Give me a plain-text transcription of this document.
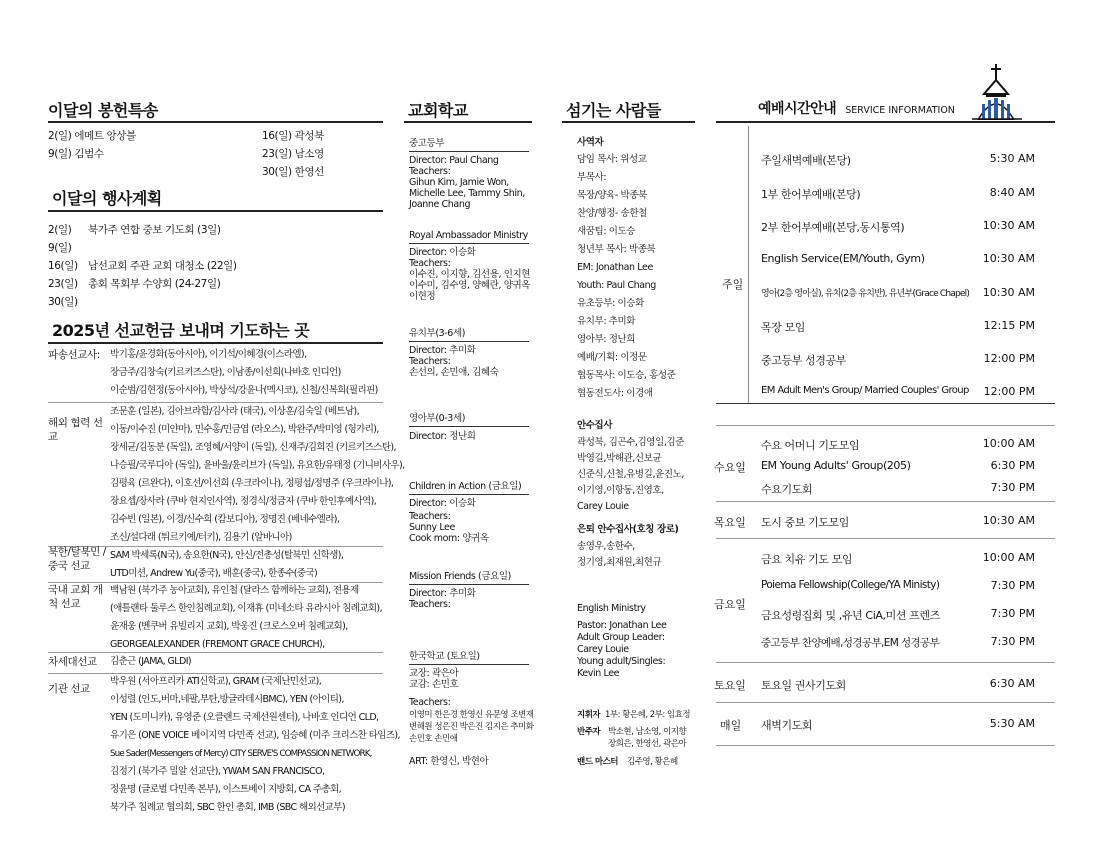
이달의 봉헌특송
2(일) 에메트 앙상블
9(일) 김범수
16(일) 곽성북
23(일) 남소영
30(일) 한영선
이달의 행사계획
2(일) 북가주 연합 중보 기도회 (3일)
9(일)
16(일) 남선교회 주관 교회 대청소 (22일)
23(일) 총회 목회부 수양회 (24-27일)
30(일)
2025년 선교헌금 보내며 기도하는 곳
파송선교사:	박기홍/윤경화(동아시아), 이기석/이혜경(이스라엘),
장금주/김창숙(키르키즈스탄), 이남종/이선희(나바호 인디언)
이순범/김현정(동아시아), 박상석/강윤나(멕시코), 신철/신복희(필리핀)
해외 협력 선교
조문훈 (일본), 김아브라함/김사라 (태국), 이상훈/김숙일 (베트남),
이동/이수진 (미얀마), 민수홍/민금엽 (라오스), 박완주/박미영 (헝가리),
장세균/김동분 (독일), 조영혜/서양이 (독일), 신재주/김희진 (키르키즈스탄),
나승필/국루디아 (독일), 윤바울/윤리브가 (독일), 유요한/유태정 (기니비사우),
김평육 (르완다), 이호선/이선희 (우크라이나), 정평섭/정명주 (우크라이나),
장요셉/장사라 (쿠바 현지인사역), 정경식/정금자 (쿠바 한인후예사역),
김수빈 (일본), 이경/신수희 (캄보디아), 정명진 (베네수엘라),
조신/설다래 (튀르키예/터키), 김용기 (알바니아)
북한/탈북민 /중국 선교
SAM 박세록(N국), 송요한(N국), 안신/전총성(탈북민 신학생),
UTD미션, Andrew Yu(중국), 배훈(중국), 한종수(중국)
국내 교회 개척 선교
백남원 (북가주 농아교회), 유인철 (달라스 함께하는 교회), 전용제
(애틀랜타 둘루스 한인침례교회), 이재휴 (미네소타 유라시아 침례교회),
윤재웅 (벤쿠버 유빌리지 교회), 박웅진 (크로스오버 침례교회),
GEORGEALEXANDER (FREMONT GRACE CHURCH),
차세대선교	김춘근 (JAMA, GLDI)
기관 선교
박우원 (서아프리카 ATI신학교), GRAM (국제난민선교),
이성렬 (인도,버마,네팔,부탄,방글라데시BMC), YEN (아이티),
YEN (도미니카), 유영준 (오클랜드 국제선원센터), 나바호 인디언 CLD,
유기은 (ONE VOICE 베이지역 다민족 선교), 임승혜 (미주 크리스찬 타임즈),
Sue Sader(Messengers of Mercy) CITY SERVE'S COMPASSION NETWORK,
김정기 (북가주 밀알 선교단), YWAM SAN FRANCISCO,
정윤명 (글로벌 다민족 본부), 이스트베이 지방회, CA 주총회,
북가주 침례교 협의회, SBC 한인 총회, IMB (SBC 해외선교부)
교회학교
중고등부
Director: Paul Chang
Teachers:
Gihun Kim, Jamie Won,
Michelle Lee, Tammy Shin,
Joanne Chang
Royal Ambassador Ministry
Director: 이승화
Teachers:
이수진, 이지향, 김선용, 인지현
이수미, 김수영, 양혜란, 양귀옥
이현정
유치부(3-6세)
Director: 추미화
Teachers:
손선의, 손민애, 김혜숙
영아부(0-3세)
Director: 정난희
Children in Action (금요일)
Director: 이승화
Teachers:
Sunny Lee
Cook mom: 양귀옥
Mission Friends (금요일)
Director: 추미화
Teachers:
한국학교 (토요일)
교장: 곽은아
교감: 손민호
Teachers:
이영미 한은경 한영신 유문영 조변재
변해원 성은진 박은진 김지은 추미화
손민호 손민애
ART: 한영신, 박현아
섬기는 사람들
사역자
담임 목사: 위성교
부목사:
목장/양육- 박종북
찬양/행정- 송한철
새꿈팀: 이도승
청년부 목사: 박종북
EM: Jonathan Lee
Youth: Paul Chang
유초등부: 이승화
유치부: 추미화
영아부: 정난희
예배/기획: 이정문
협동목사: 이도승, 홍성준
협동전도사: 이경애
안수집사
곽성북, 김곤수,김영일,김준
박영길,박해관,신보균
신준식,신철,유병길,윤진노,
이기영,이항동,진영호,
Carey Louie
은퇴 안수집사(호칭 장로)
송영우,송한수,
정기영,최재원,최현규
English Ministry
Pastor: Jonathan Lee
Adult Group Leader:
Carey Louie
Young adult/Singles:
Kevin Lee
지휘자 1부: 황은혜, 2부: 임효정
반주자 박소현, 남소영, 이지향
장희은, 한영선, 곽은아
밴드 마스터 김주영, 황은혜
예배시간안내 SERVICE INFORMATION
주일
주일새벽예배(본당)	5:30 AM
1부 한어부예배(본당)	8:40 AM
2부 한어부예배(본당,동시통역)	10:30 AM
English Service(EM/Youth, Gym)	10:30 AM
영아(2층 영아실), 유치(2층 유치반), 유년부(Grace Chapel)	10:30 AM
목장 모임	12:15 PM
중고등부 성경공부	12:00 PM
EM Adult Men's Group/ Married Couples' Group	12:00 PM
수요일
수요 어머니 기도모임	10:00 AM
EM Young Adults' Group(205)	6:30 PM
수요기도회	7:30 PM
목요일 도시 중보 기도모임	10:30 AM
금요일
금요 치유 기도 모임	10:00 AM
Poiema Fellowship(College/YA Ministy)	7:30 PM
금요성령집회 및 ,유년 CiA,미션 프렌즈	7:30 PM
중고등부 찬양예배,성경공부,EM 성경공부	7:30 PM
토요일 토요일 권사기도회	6:30 AM
매일 새벽기도회	5:30 AM
